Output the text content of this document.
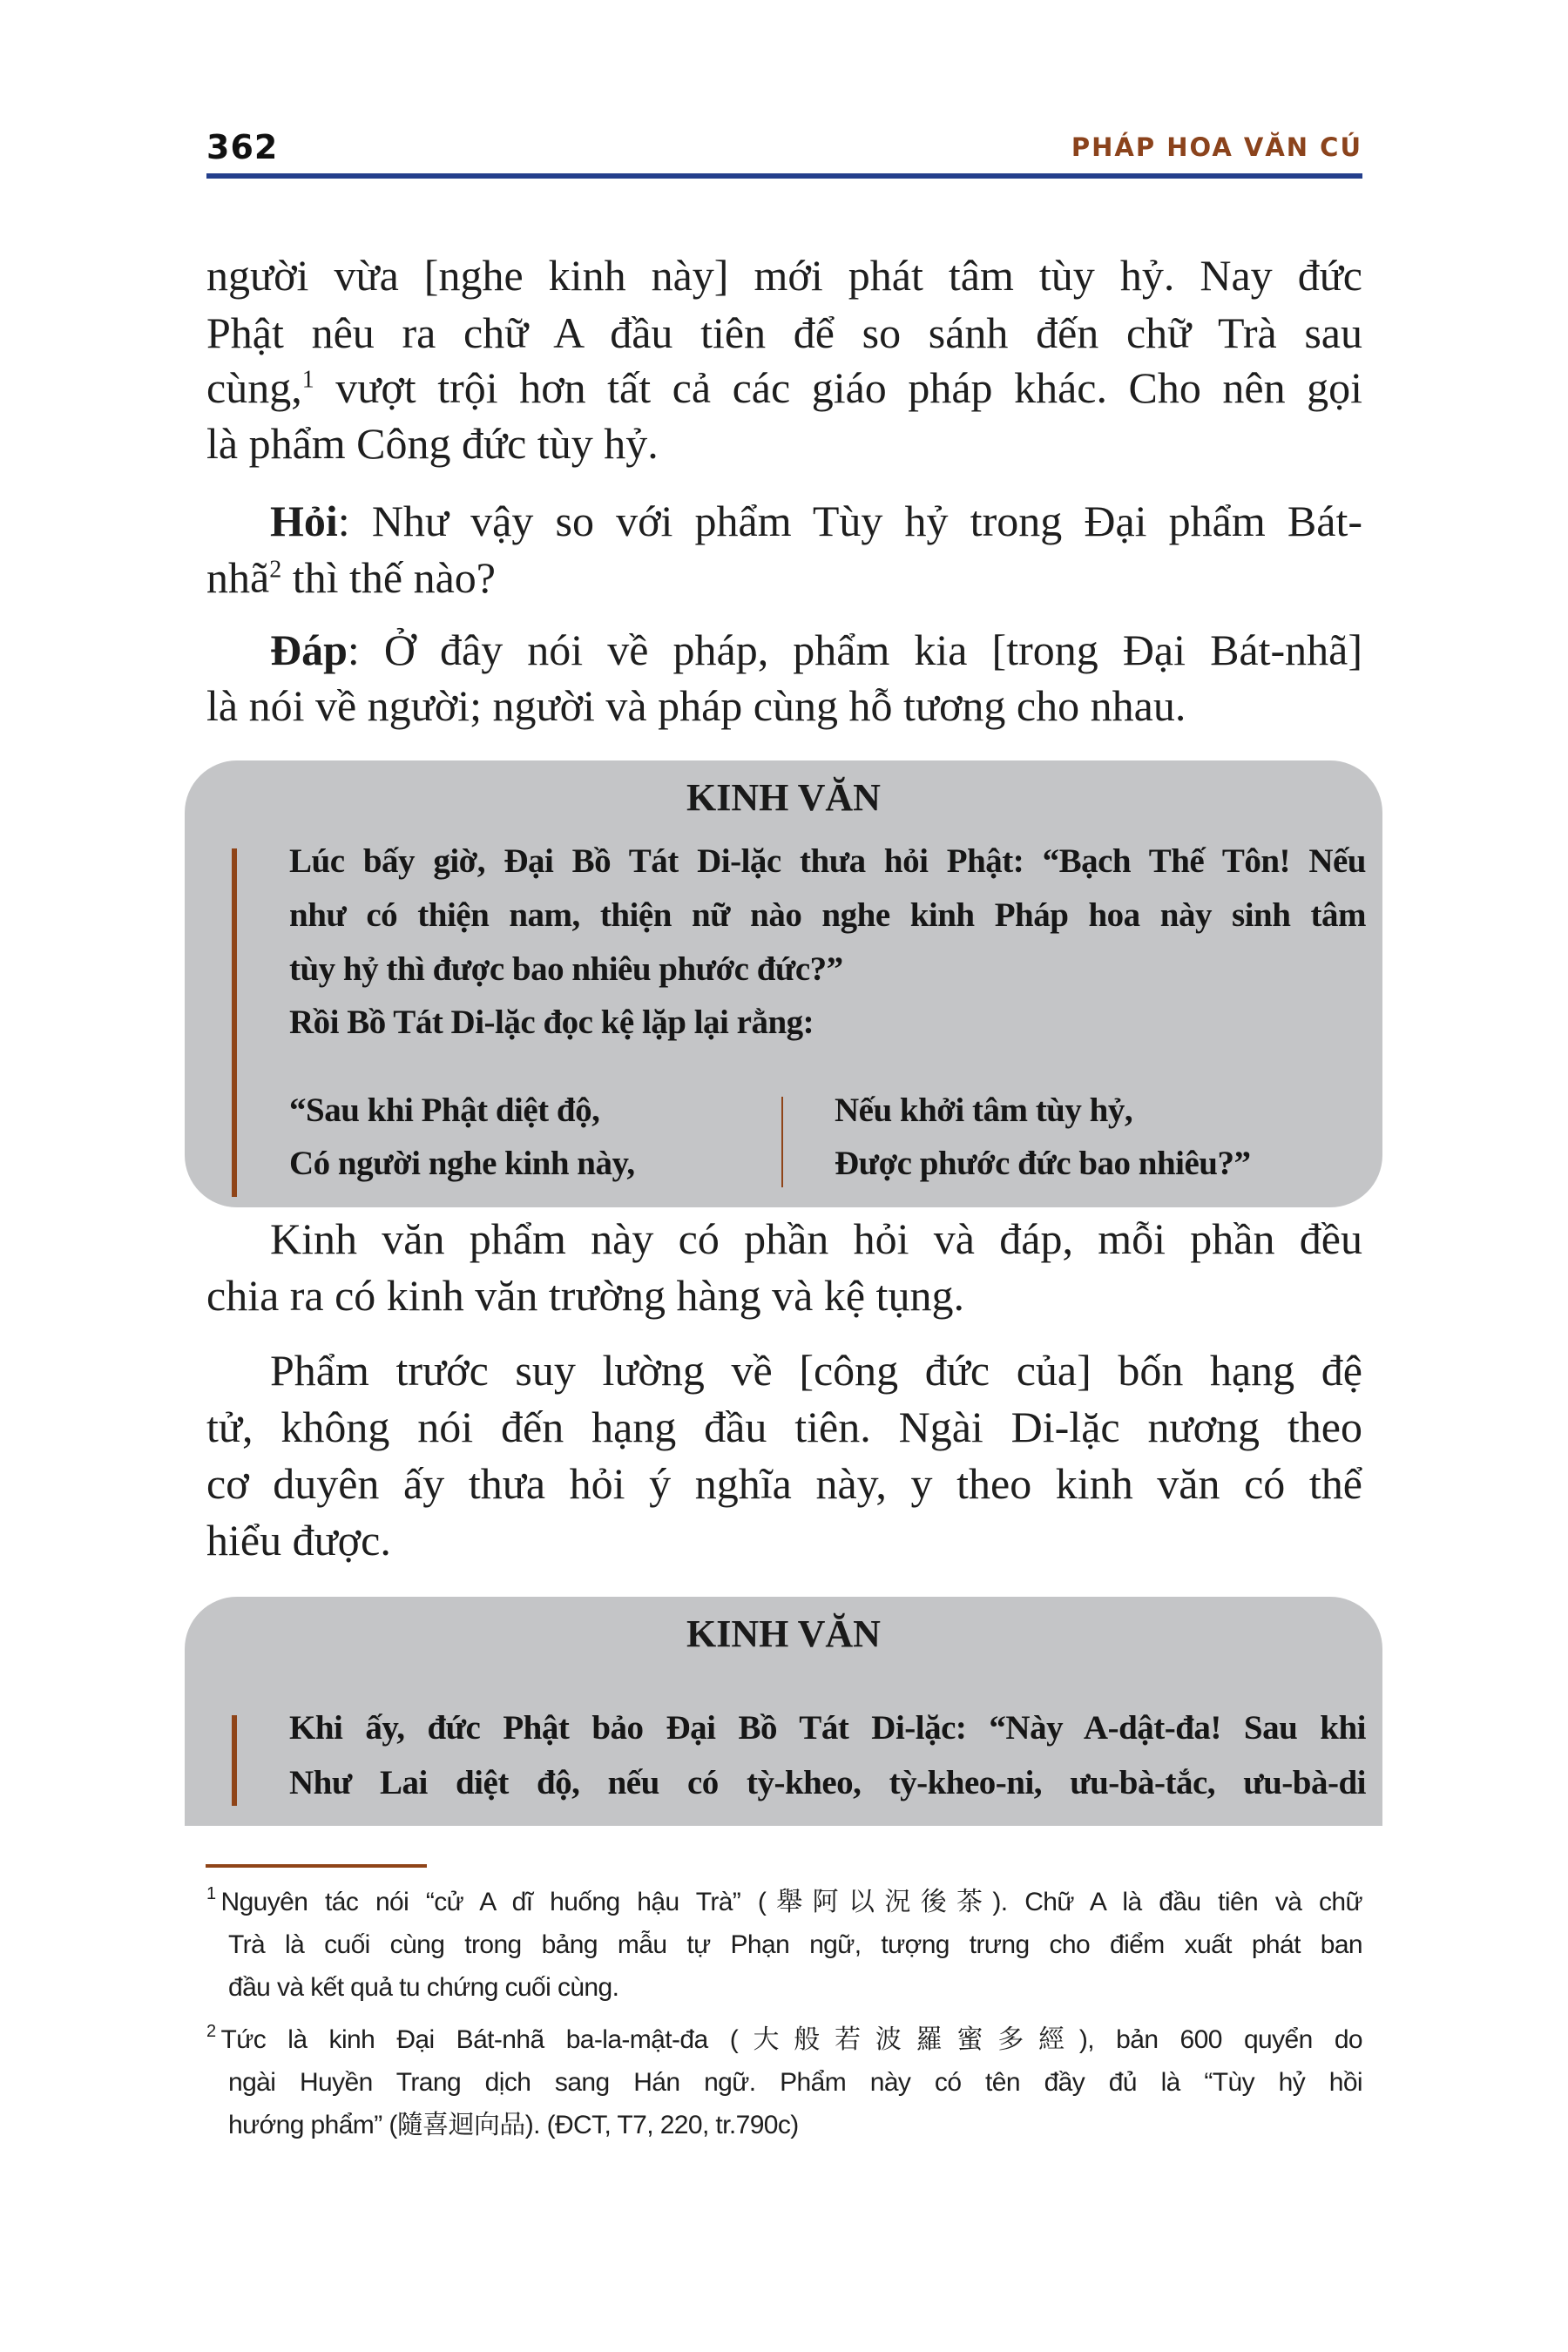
362	PHÁP HOA VĂN CÚ
người vừa [nghe kinh này] mới phát tâm tùy hỷ. Nay đức
Phật nêu ra chữ A đầu tiên để so sánh đến chữ Trà sau
cùng,$^1$ vượt trội hơn tất cả các giáo pháp khác. Cho nên gọi
là phẩm Công đức tùy hỷ.
Hỏi: Như vậy so với phẩm Tùy hỷ trong Đại phẩm Bát-
nhã$^2$ thì thế nào?
Đáp: Ở đây nói về pháp, phẩm kia [trong Đại Bát-nhã]
là nói về người; người và pháp cùng hỗ tương cho nhau.
KINH VĂN
Lúc bấy giờ, Đại Bồ Tát Di-lặc thưa hỏi Phật: “Bạch Thế Tôn! Nếu
như có thiện nam, thiện nữ nào nghe kinh Pháp hoa này sinh tâm
tùy hỷ thì được bao nhiêu phước đức?”
Rồi Bồ Tát Di-lặc đọc kệ lặp lại rằng:
“Sau khi Phật diệt độ,
Có người nghe kinh này,
Nếu khởi tâm tùy hỷ,
Được phước đức bao nhiêu?”
Kinh văn phẩm này có phần hỏi và đáp, mỗi phần đều
chia ra có kinh văn trường hàng và kệ tụng.
Phẩm trước suy lường về [công đức của] bốn hạng đệ
tử, không nói đến hạng đầu tiên. Ngài Di-lặc nương theo
cơ duyên ấy thưa hỏi ý nghĩa này, y theo kinh văn có thể
hiểu được.
KINH VĂN
Khi ấy, đức Phật bảo Đại Bồ Tát Di-lặc: “Này A-dật-đa! Sau khi
Như Lai diệt độ, nếu có tỳ-kheo, tỳ-kheo-ni, ưu-bà-tắc, ưu-bà-di
$^1$ Nguyên tác nói “cử A dĩ huống hậu Trà” (舉阿以況後茶). Chữ A là đầu tiên và chữ
Trà là cuối cùng trong bảng mẫu tự Phạn ngữ, tượng trưng cho điểm xuất phát ban
đầu và kết quả tu chứng cuối cùng.
$^2$ Tức là kinh Đại Bát-nhã ba-la-mật-đa (大般若波羅蜜多經), bản 600 quyển do
ngài Huyền Trang dịch sang Hán ngữ. Phẩm này có tên đầy đủ là “Tùy hỷ hồi
hướng phẩm” (隨喜迴向品). (ĐCT, T7, 220, tr.790c)
